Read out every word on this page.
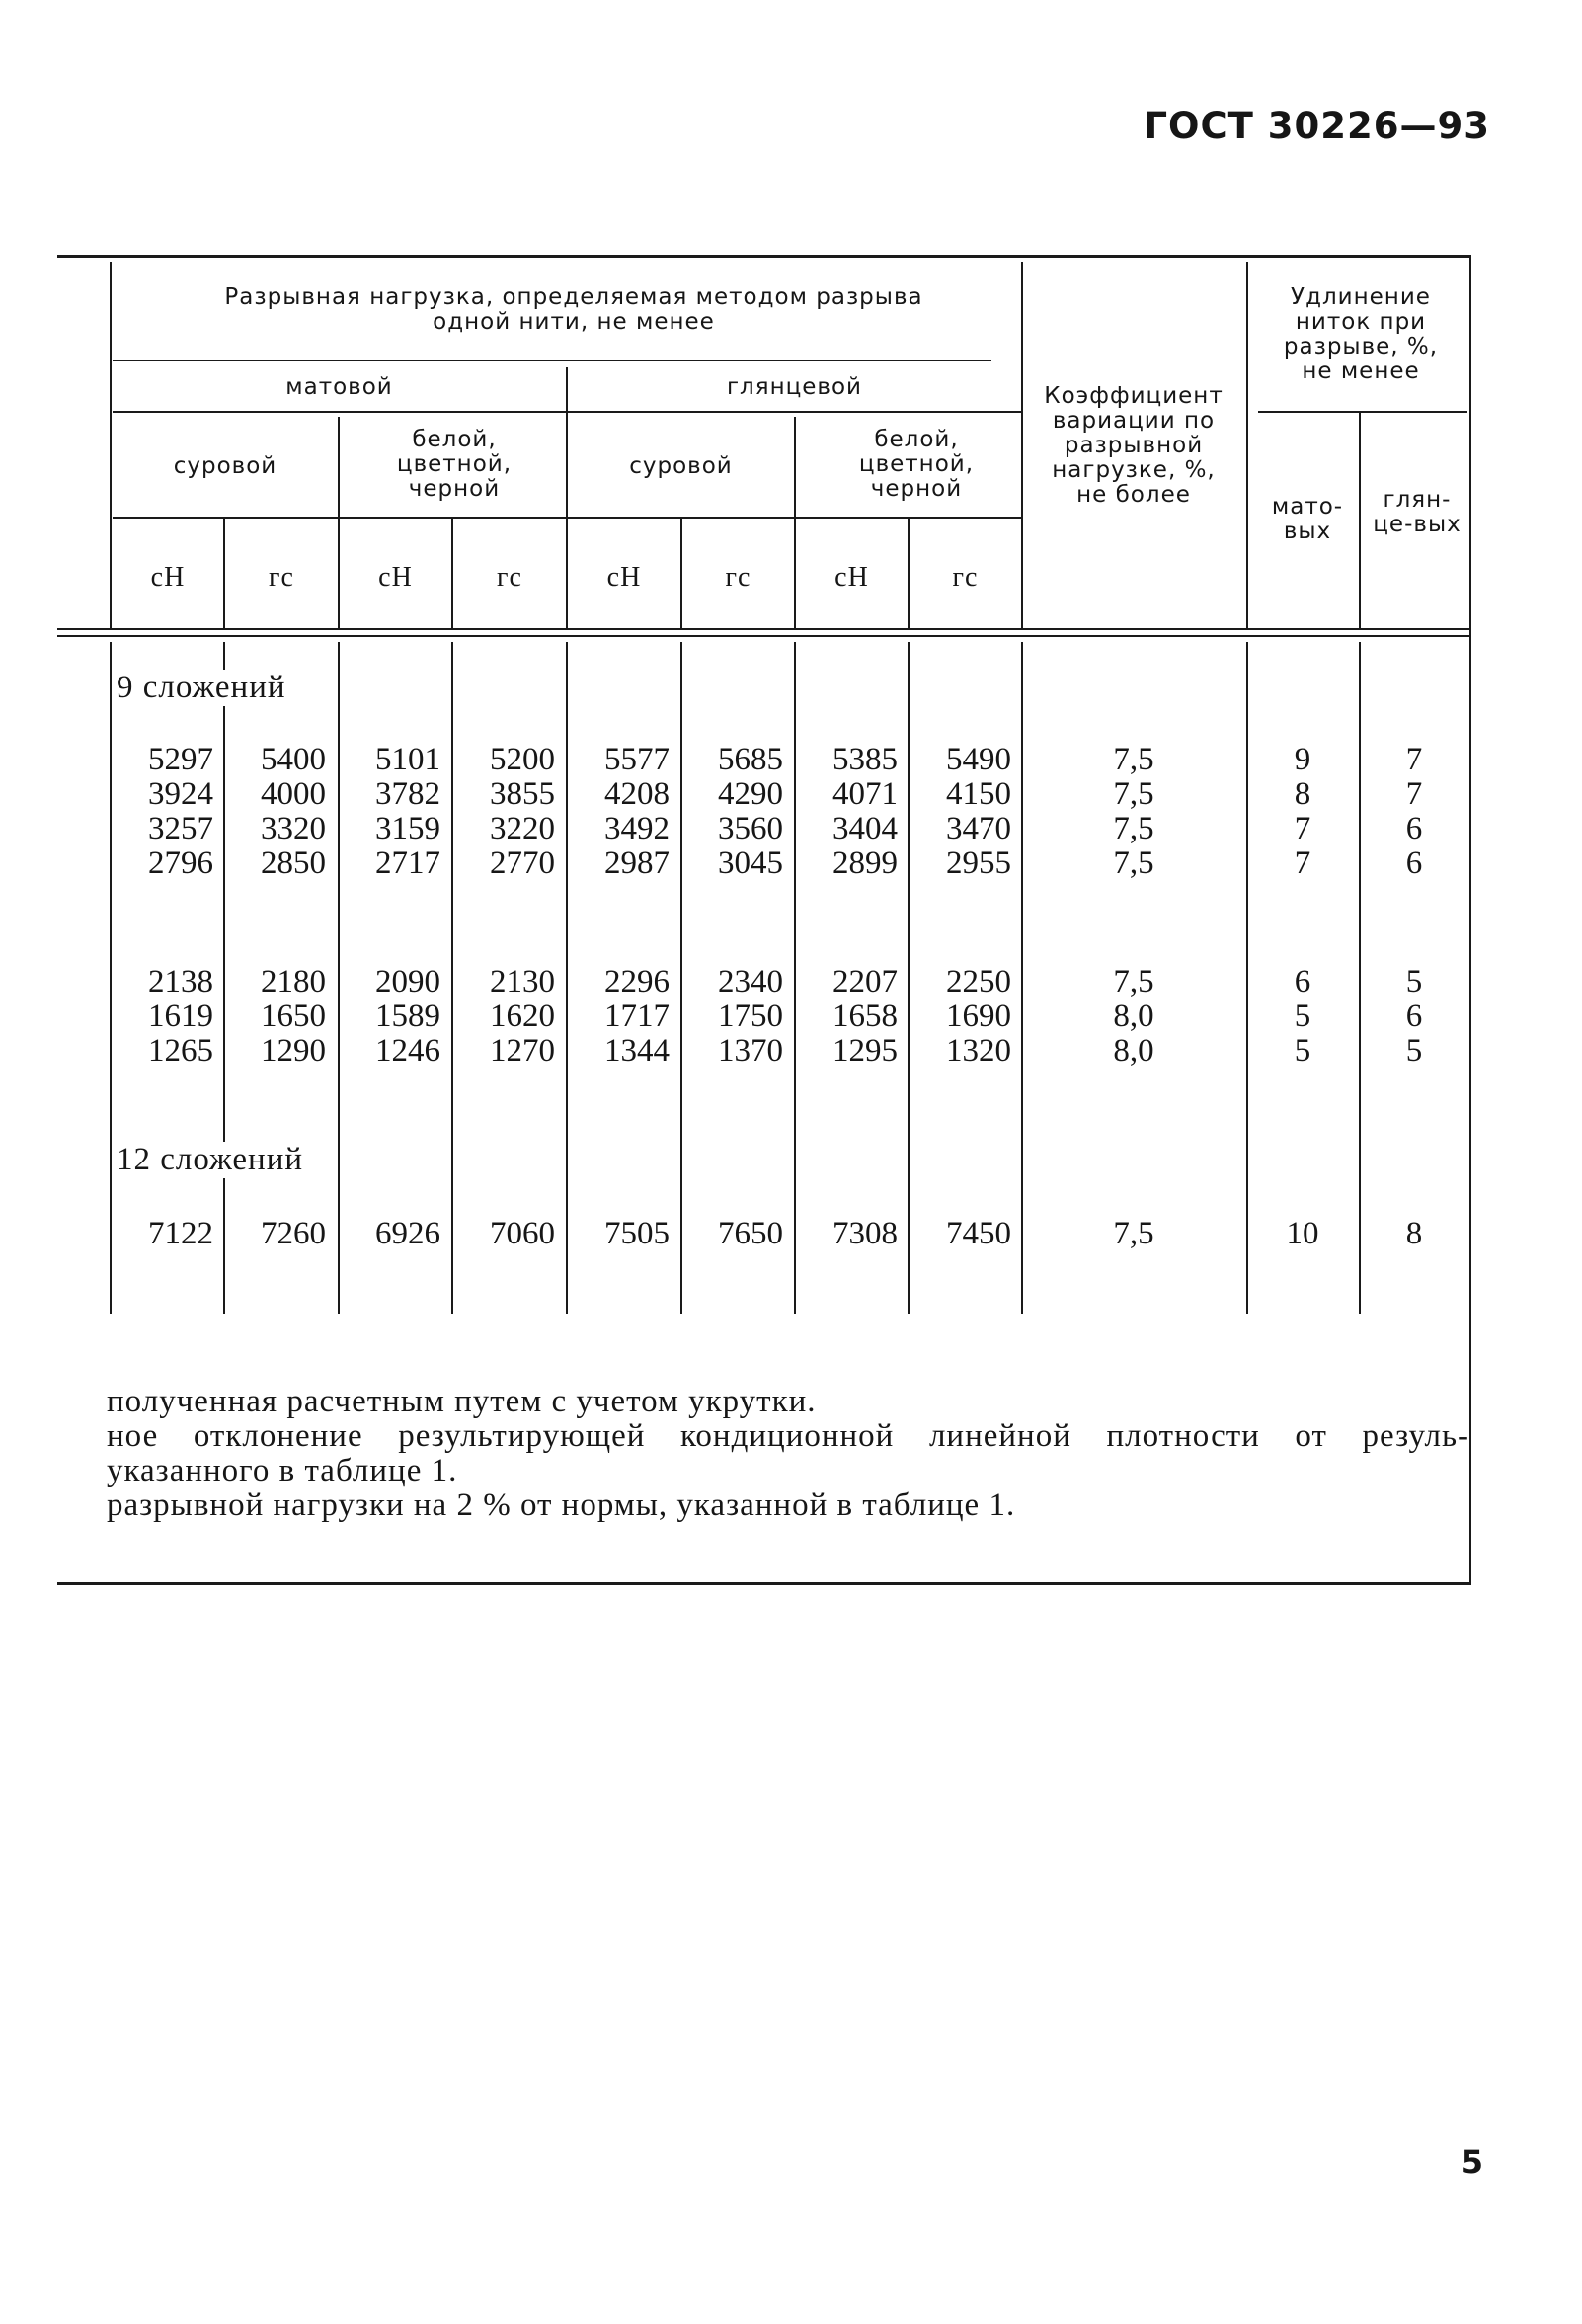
ГОСТ 30226—93
Разрывная нагрузка, определяемая методом разрыва одной нити, не менее
матовой	глянцевой
суровой
белой, цветной, черной
суровой
белой, цветной, черной
сН	гс	сН	гс	сН	гс	сН	гс
Коэффициент вариации по разрывной нагрузке, %, не более
Удлинение ниток при разрыве, %, не менее
мато-вых
глян-це-вых
9 сложений
12 сложений
5297	5400	5101	5200	5577	5685	5385	5490	7,5	9	7
3924	4000	3782	3855	4208	4290	4071	4150	7,5	8	7
3257	3320	3159	3220	3492	3560	3404	3470	7,5	7	6
2796	2850	2717	2770	2987	3045	2899	2955	7,5	7	6
2138	2180	2090	2130	2296	2340	2207	2250	7,5	6	5
1619	1650	1589	1620	1717	1750	1658	1690	8,0	5	6
1265	1290	1246	1270	1344	1370	1295	1320	8,0	5	5
7122	7260	6926	7060	7505	7650	7308	7450	7,5	10	8

полученная расчетным путем с учетом укрутки.

ное отклонение результирующей кондиционной линейной плотности от резуль-

указанного в таблице 1.

разрывной нагрузки на 2 % от нормы, указанной в таблице 1.

5
